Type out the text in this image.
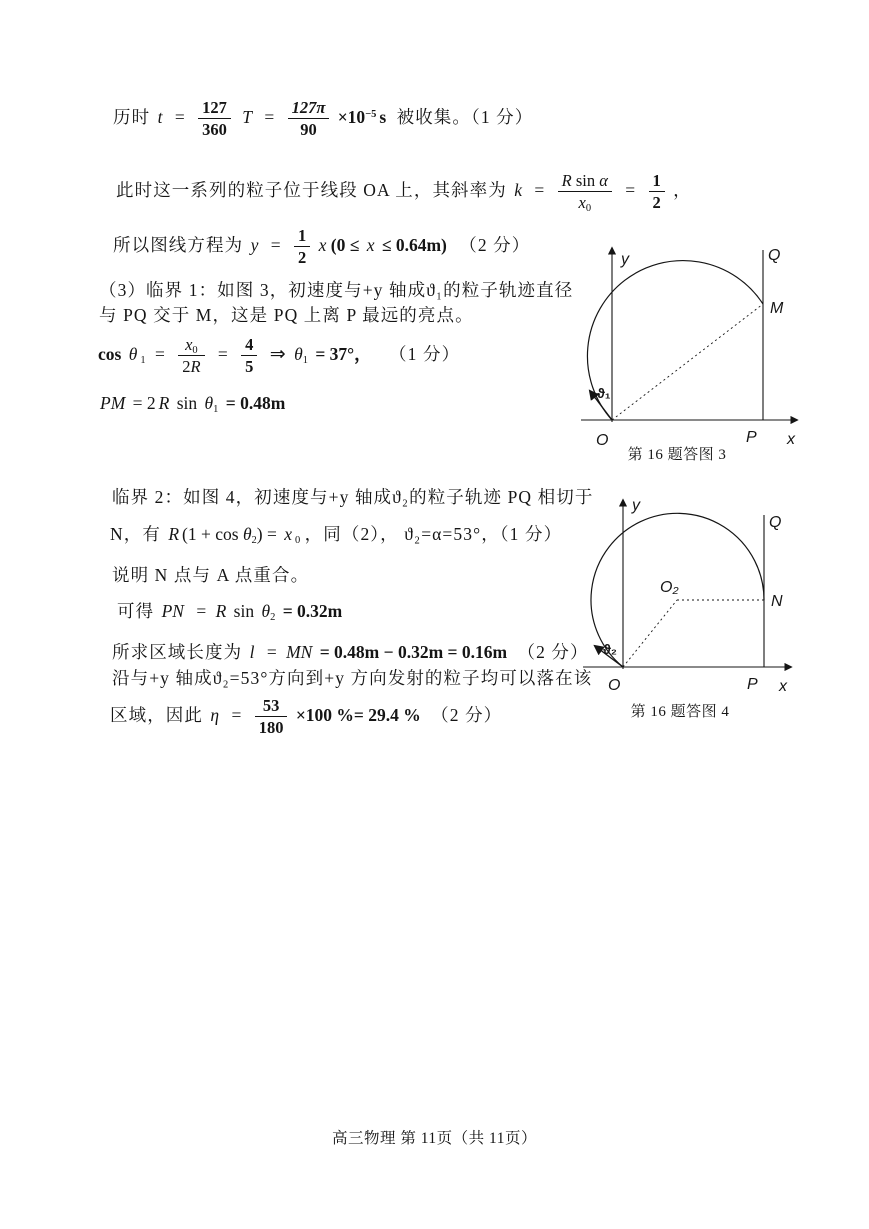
历时 $t = \frac{127}{360}$ $T = \frac{127\pi}{90} \times 10^{-5}$ s 被收集。（1 分）
此时这一系列的粒子位于线段 OA 上，其斜率为 $k = \frac{\text{R sin α}}{x_0} = \frac{1}{2}$ ，
所以图线方程为 $y = \frac{1}{2}$ x (0 ≤ x ≤ 0.64m) （2 分）
（3）临界 1：如图 3，初速度与+y 轴成ϑ₁的粒子轨迹直径
与 PQ 交于 M，这是 PQ 上离 P 最远的亮点。
cos θ $_1 = \frac{x_0}{2R} = \frac{4}{5}$ ⇒ $\theta_1 = 37^\circ$， （1 分）
PM = 2 R $\sin \theta_1 = 0.48m$
临界 2：如图 4，初速度与+y 轴成ϑ₂的粒子轨迹 PQ 相切于
N，有 R $(1 + \cos \theta_2) = x$ $_0$ ，同（2）， ϑ₂=α=53°，（1 分）
说明 N 点与 A 点重合。
可得 PN = R $\sin \theta_2 = 0.32m$
所求区域长度为 l = MN = 0.48m − 0.32m = 0.16m （2 分）
沿与+y 轴成ϑ₂=53°方向到+y 方向发射的粒子均可以落在该
区域，因此 $\eta = \frac{53}{180} \times 100$ %= 29.4 % （2 分）
y	Q
M
O	P x
ϑ₁
第 16 题答图 3
y
Q
O₂
N
O	P x
ϑ₂
第 16 题答图 4
高三物理 第 11页（共 11页）
